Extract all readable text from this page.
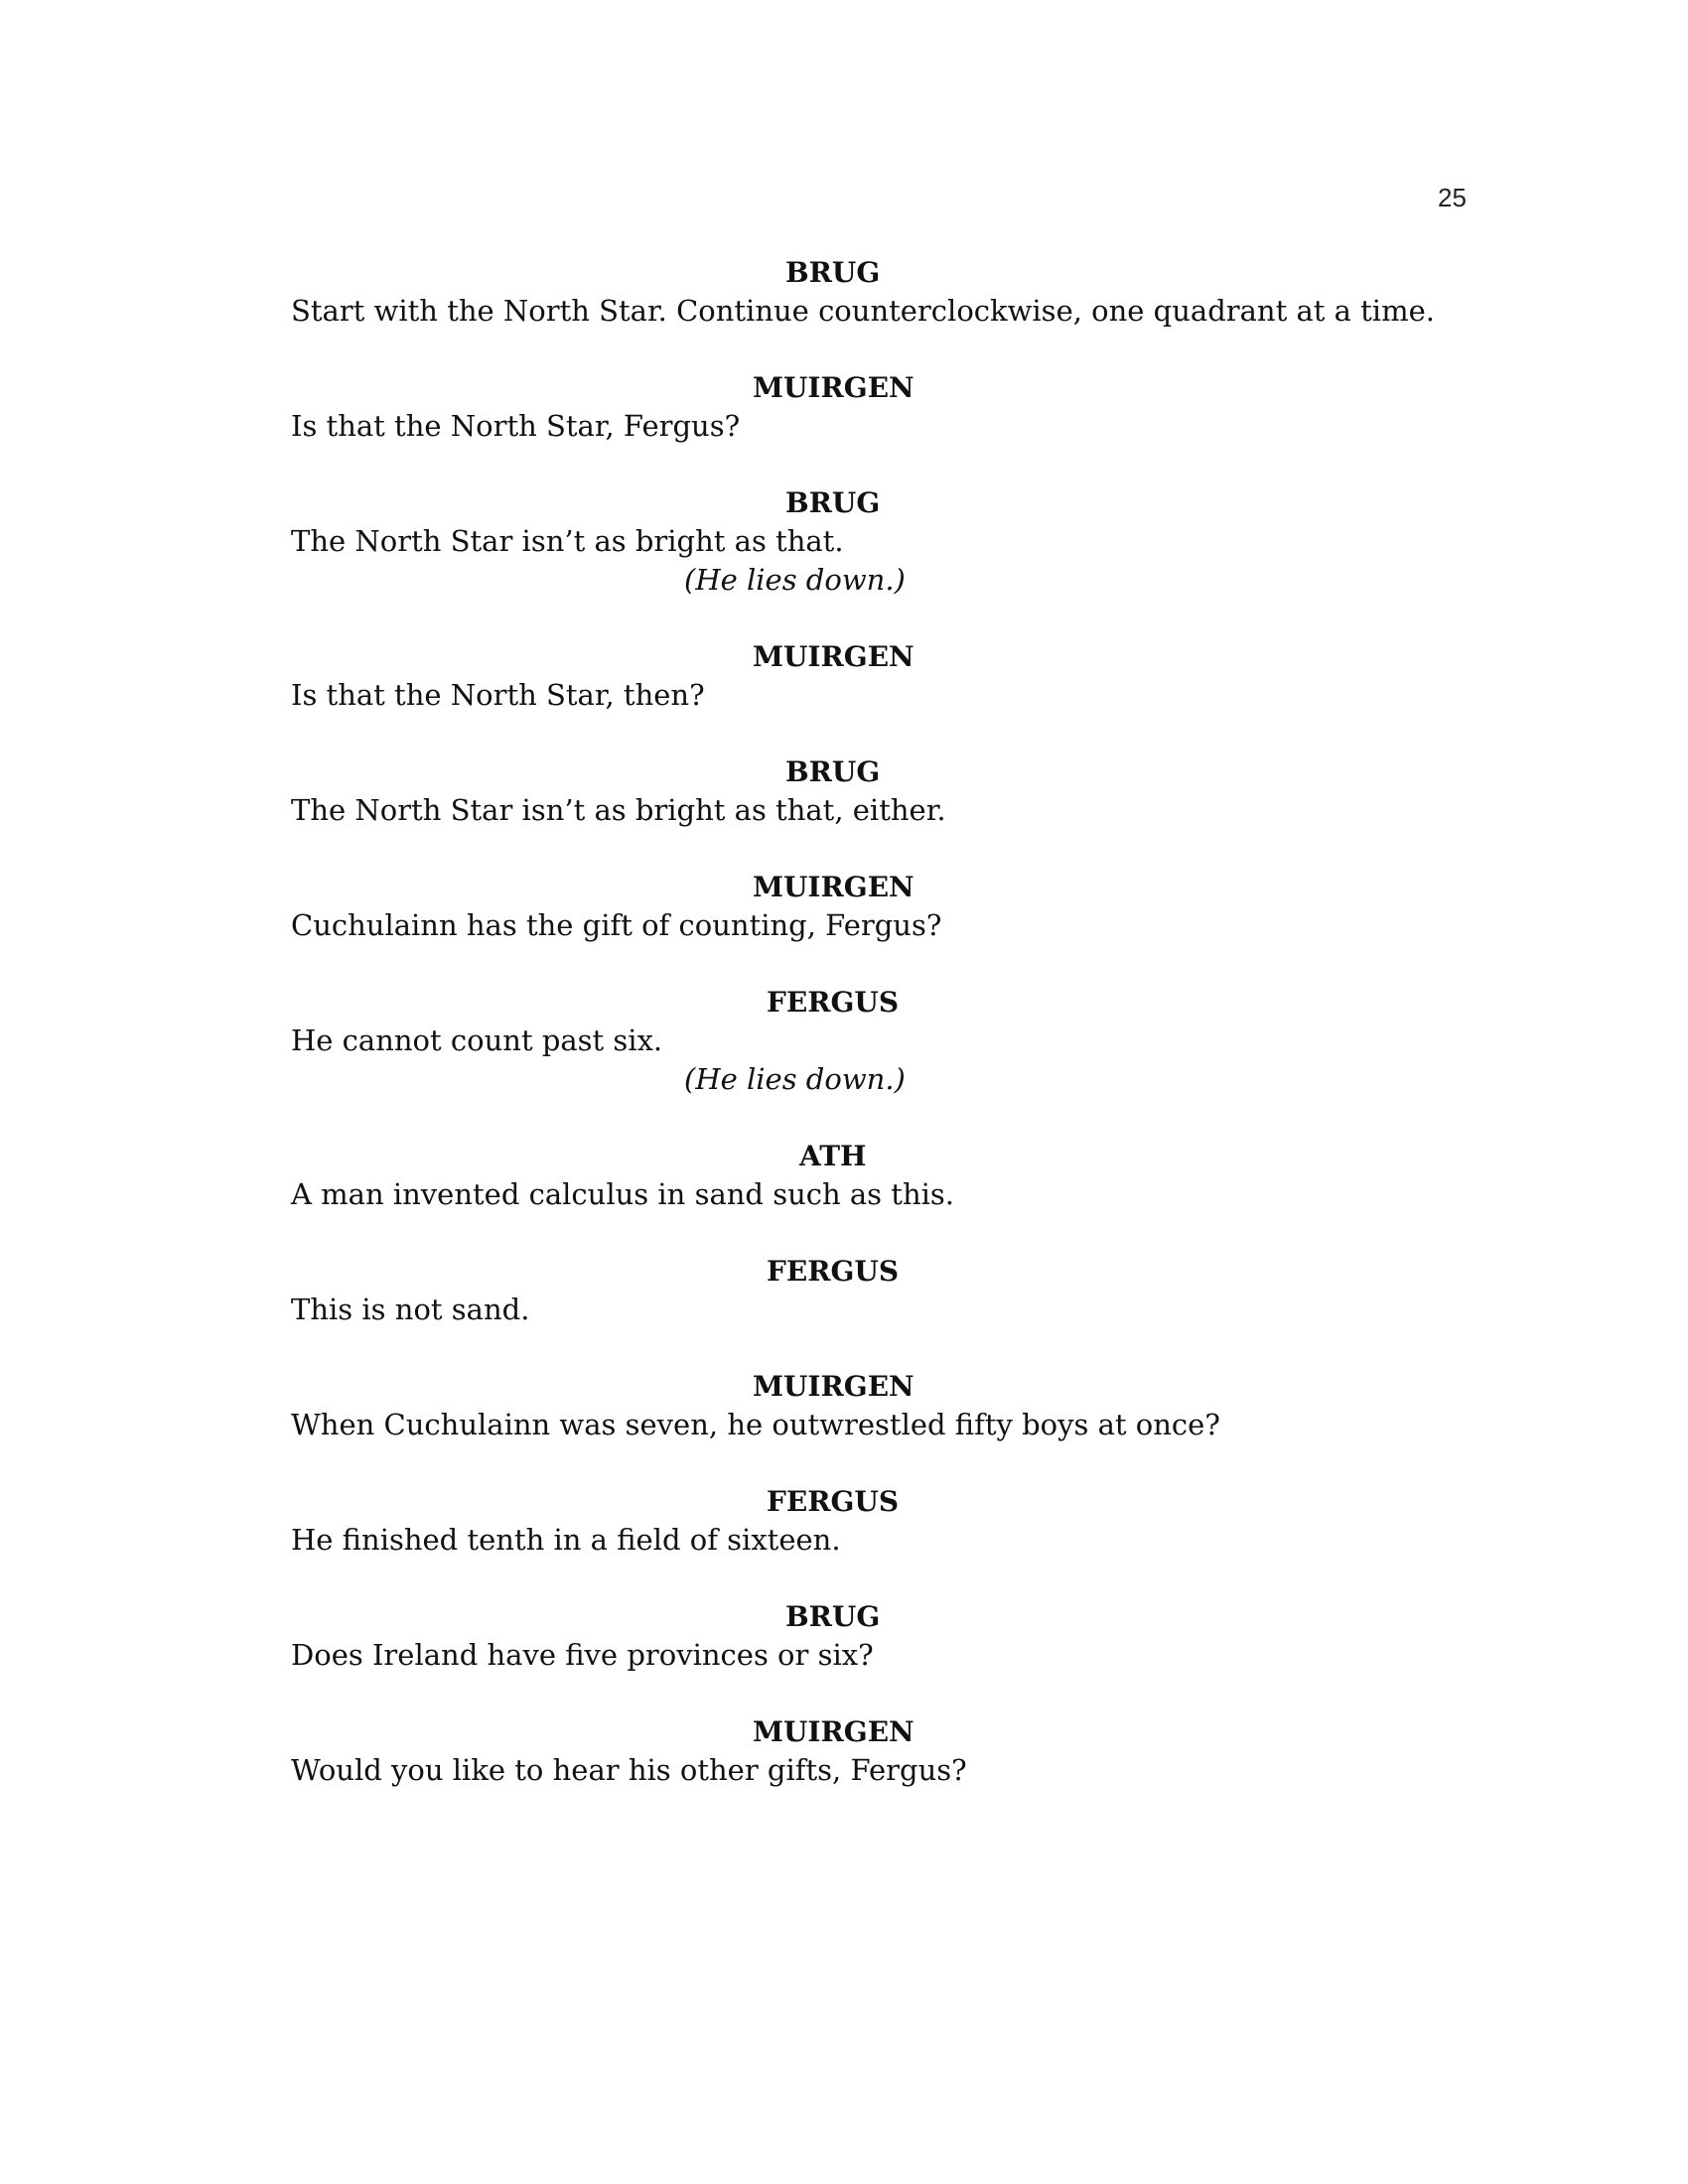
25
BRUG
Start with the North Star. Continue counterclockwise, one quadrant at a time.
MUIRGEN
Is that the North Star, Fergus?
BRUG
The North Star isn’t as bright as that.
(He lies down.)
MUIRGEN
Is that the North Star, then?
BRUG
The North Star isn’t as bright as that, either.
MUIRGEN
Cuchulainn has the gift of counting, Fergus?
FERGUS
He cannot count past six.
(He lies down.)
ATH
A man invented calculus in sand such as this.
FERGUS
This is not sand.
MUIRGEN
When Cuchulainn was seven, he outwrestled fifty boys at once?
FERGUS
He finished tenth in a field of sixteen.
BRUG
Does Ireland have five provinces or six?
MUIRGEN
Would you like to hear his other gifts, Fergus?
